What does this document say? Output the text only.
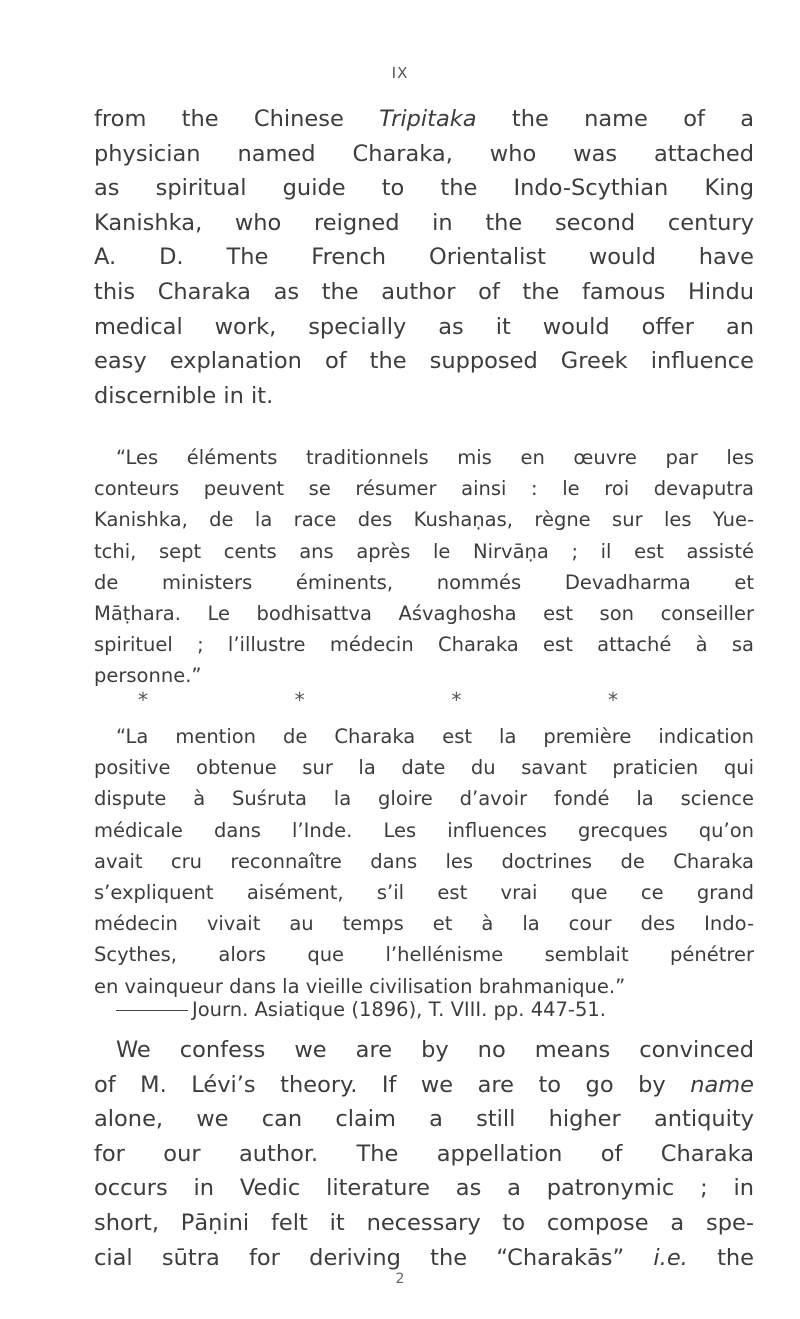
IX
from the Chinese Tripitaka the name of a
physician named Charaka, who was attached
as spiritual guide to the Indo-Scythian King
Kanishka, who reigned in the second century
A. D. The French Orientalist would have
this Charaka as the author of the famous Hindu
medical work, specially as it would offer an
easy explanation of the supposed Greek influence
discernible in it.
“Les éléments traditionnels mis en œuvre par les
conteurs peuvent se résumer ainsi : le roi devaputra
Kanishka, de la race des Kushaṇas, règne sur les Yue-
tchi, sept cents ans après le Nirvāṇa ; il est assisté
de ministers éminents, nommés Devadharma et
Māṭhara. Le bodhisattva Aśvaghosha est son conseiller
spirituel ; l’illustre médecin Charaka est attaché à sa
personne.”
*	*	*	*
“La mention de Charaka est la première indication
positive obtenue sur la date du savant praticien qui
dispute à Suśruta la gloire d’avoir fondé la science
médicale dans l’Inde. Les influences grecques qu’on
avait cru reconnaître dans les doctrines de Charaka
s’expliquent aisément, s’il est vrai que ce grand
médecin vivait au temps et à la cour des Indo-
Scythes, alors que l’hellénisme semblait pénétrer
en vainqueur dans la vieille civilisation brahmanique.”
Journ. Asiatique (1896), T. VIII. pp. 447-51.
We confess we are by no means convinced
of M. Lévi’s theory. If we are to go by name
alone, we can claim a still higher antiquity
for our author. The appellation of Charaka
occurs in Vedic literature as a patronymic ; in
short, Pāṇini felt it necessary to compose a spe-
cial sūtra for deriving the “Charakās” i.e. the
2
